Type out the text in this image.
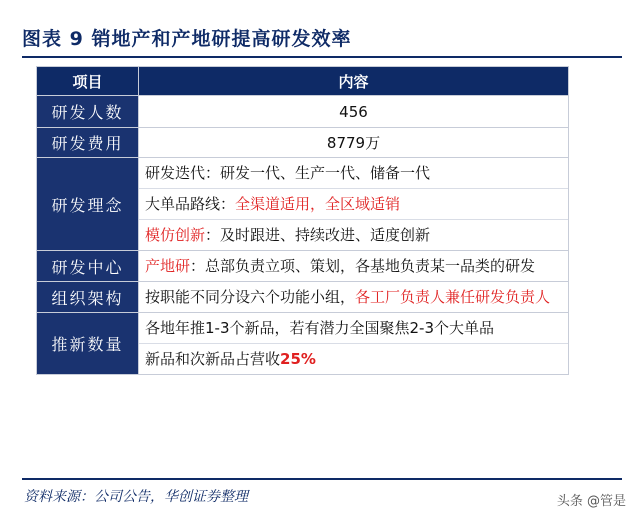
图表 9 销地产和产地研提高研发效率
项目	内容
研发人数	456
研发费用	8779万
研发理念	研发迭代：研发一代、生产一代、储备一代
大单品路线：全渠道适用，全区域适销
模仿创新：及时跟进、持续改进、适度创新

研发中心	产地研：总部负责立项、策划，各基地负责某一品类的研发

组织架构	按职能不同分设六个功能小组，各工厂负责人兼任研发负责人

推新数量	各地年推1-3个新品，若有潜力全国聚焦2-3个大单品
新品和次新品占营收25%
资料来源：公司公告，华创证券整理	头条 @管是
